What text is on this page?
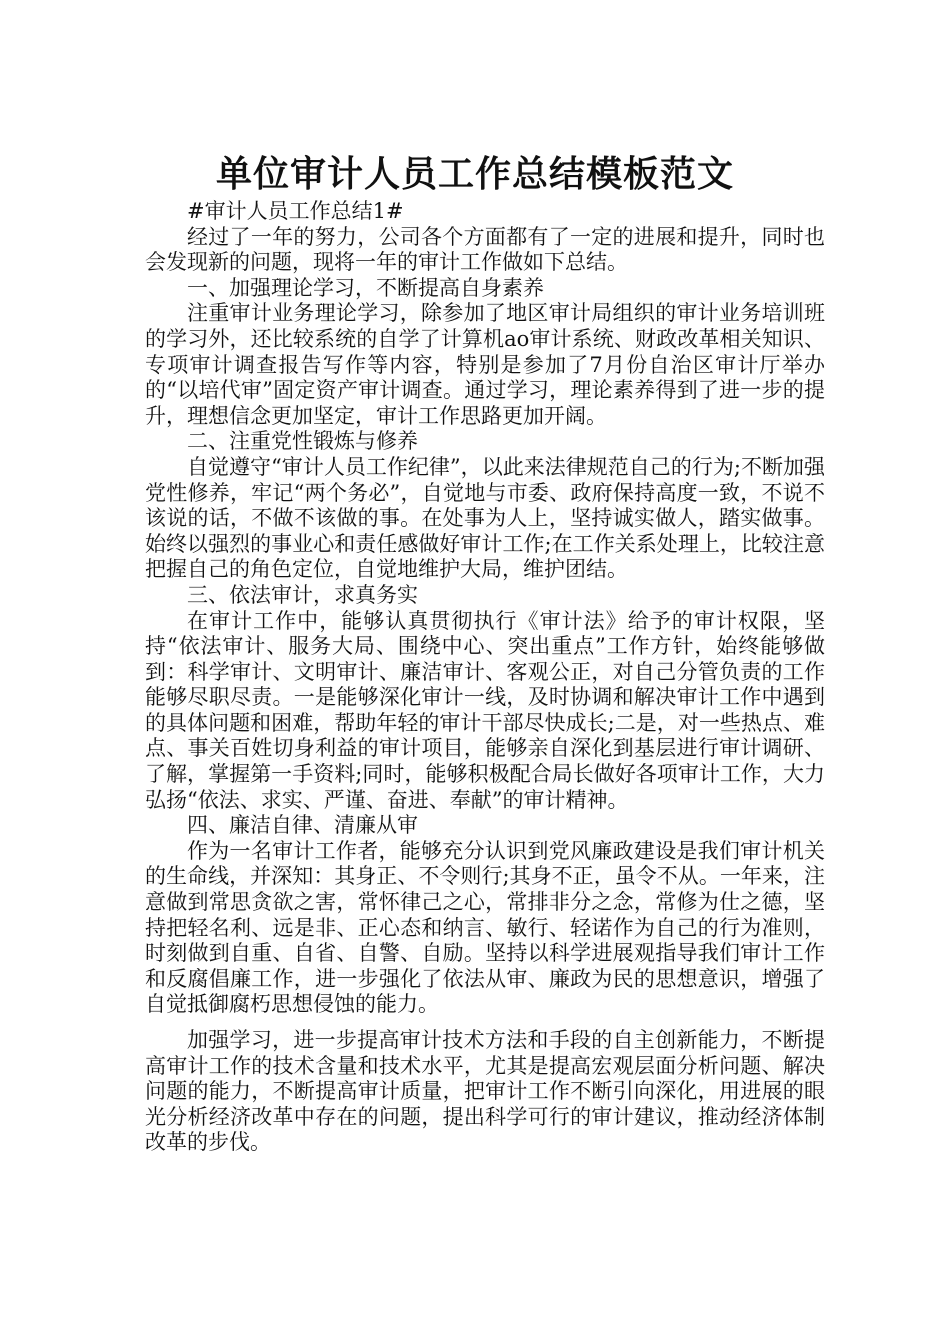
单位审计人员工作总结模板范文

#审计人员工作总结1#

经过了一年的努力，公司各个方面都有了一定的进展和提升，同时也会发现新的问题，现将一年的审计工作做如下总结。

一、加强理论学习，不断提高自身素养

注重审计业务理论学习，除参加了地区审计局组织的审计业务培训班的学习外，还比较系统的自学了计算机ao审计系统、财政改革相关知识、专项审计调查报告写作等内容，特别是参加了7月份自治区审计厅举办的“以培代审”固定资产审计调查。通过学习，理论素养得到了进一步的提升，理想信念更加坚定，审计工作思路更加开阔。

二、注重党性锻炼与修养

自觉遵守“审计人员工作纪律”，以此来法律规范自己的行为;不断加强党性修养，牢记“两个务必”，自觉地与市委、政府保持高度一致，不说不该说的话，不做不该做的事。在处事为人上，坚持诚实做人，踏实做事。始终以强烈的事业心和责任感做好审计工作;在工作关系处理上，比较注意把握自己的角色定位，自觉地维护大局，维护团结。

三、依法审计，求真务实

在审计工作中，能够认真贯彻执行《审计法》给予的审计权限，坚持“依法审计、服务大局、围绕中心、突出重点”工作方针，始终能够做到：科学审计、文明审计、廉洁审计、客观公正，对自己分管负责的工作能够尽职尽责。一是能够深化审计一线，及时协调和解决审计工作中遇到的具体问题和困难，帮助年轻的审计干部尽快成长;二是，对一些热点、难点、事关百姓切身利益的审计项目，能够亲自深化到基层进行审计调研、了解，掌握第一手资料;同时，能够积极配合局长做好各项审计工作，大力弘扬“依法、求实、严谨、奋进、奉献”的审计精神。

四、廉洁自律、清廉从审

作为一名审计工作者，能够充分认识到党风廉政建设是我们审计机关的生命线，并深知：其身正、不令则行;其身不正，虽令不从。一年来，注意做到常思贪欲之害，常怀律己之心，常排非分之念，常修为仕之德，坚持把轻名利、远是非、正心态和纳言、敏行、轻诺作为自己的行为准则，时刻做到自重、自省、自警、自励。坚持以科学进展观指导我们审计工作和反腐倡廉工作，进一步强化了依法从审、廉政为民的思想意识，增强了自觉抵御腐朽思想侵蚀的能力。

加强学习，进一步提高审计技术方法和手段的自主创新能力，不断提高审计工作的技术含量和技术水平，尤其是提高宏观层面分析问题、解决问题的能力，不断提高审计质量，把审计工作不断引向深化，用进展的眼光分析经济改革中存在的问题，提出科学可行的审计建议，推动经济体制改革的步伐。
